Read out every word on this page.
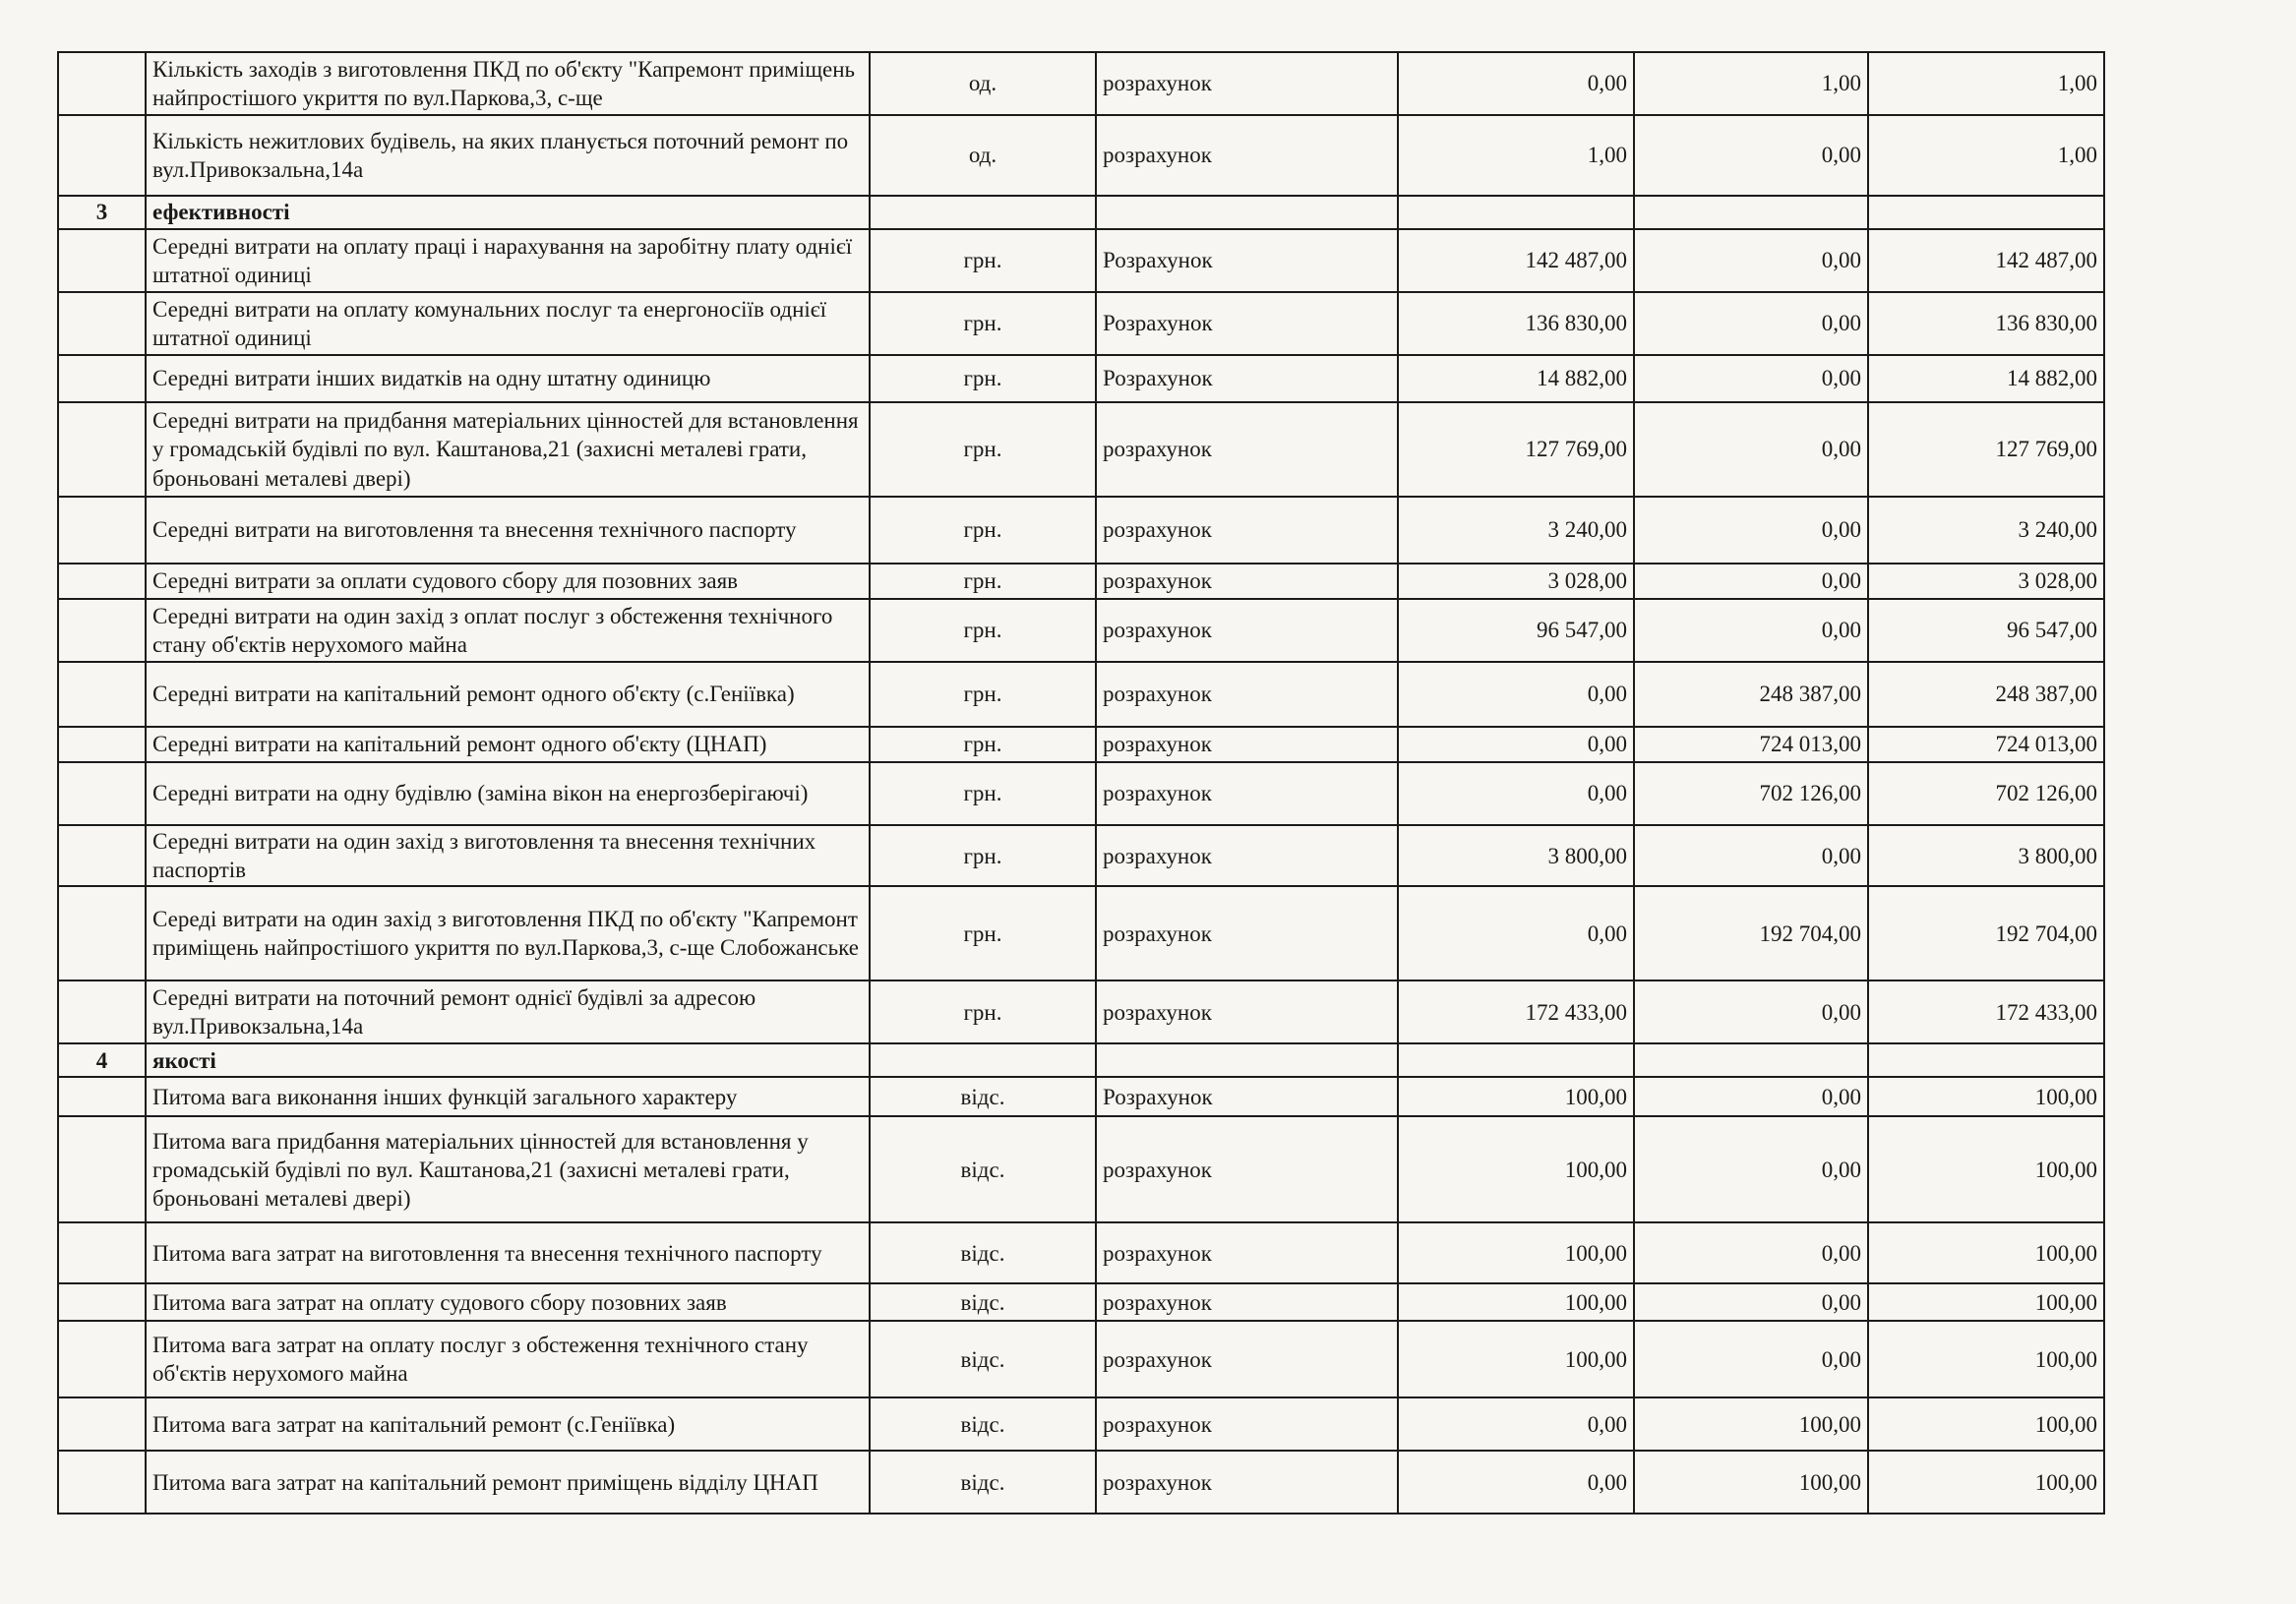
	Кількість заходів з виготовлення ПКД по об'єкту "Капремонт приміщень найпростішого укриття по вул.Паркова,3, с-ще	од.	розрахунок	0,00	1,00	1,00
	Кількість нежитлових будівель, на яких планується поточний ремонт по вул.Привокзальна,14а	од.	розрахунок	1,00	0,00	1,00
3	ефективності					
	Середні витрати на оплату праці і нарахування на заробітну плату однієї штатної одиниці	грн.	Розрахунок	142 487,00	0,00	142 487,00
	Середні витрати на оплату комунальних послуг та енергоносіїв однієї штатної одиниці	грн.	Розрахунок	136 830,00	0,00	136 830,00
	Середні витрати інших видатків на одну штатну одиницю	грн.	Розрахунок	14 882,00	0,00	14 882,00
	Середні витрати на придбання матеріальних цінностей для встановлення у громадській будівлі по вул. Каштанова,21 (захисні металеві грати, броньовані металеві двері)	грн.	розрахунок	127 769,00	0,00	127 769,00
	Середні витрати на виготовлення та внесення технічного паспорту	грн.	розрахунок	3 240,00	0,00	3 240,00
	Середні витрати за оплати судового сбору для позовних заяв	грн.	розрахунок	3 028,00	0,00	3 028,00
	Середні витрати на один захід з оплат послуг з обстеження технічного стану об'єктів нерухомого майна	грн.	розрахунок	96 547,00	0,00	96 547,00
	Середні витрати на капітальний ремонт одного об'єкту (с.Геніївка)	грн.	розрахунок	0,00	248 387,00	248 387,00
	Середні витрати на капітальний ремонт одного об'єкту (ЦНАП)	грн.	розрахунок	0,00	724 013,00	724 013,00
	Середні витрати на одну будівлю (заміна вікон на енергозберігаючі)	грн.	розрахунок	0,00	702 126,00	702 126,00
	Середні витрати на один захід з виготовлення та внесення технічних паспортів	грн.	розрахунок	3 800,00	0,00	3 800,00
	Середі витрати на один захід з виготовлення ПКД по об'єкту "Капремонт приміщень найпростішого укриття по вул.Паркова,3, с-ще Слобожанське	грн.	розрахунок	0,00	192 704,00	192 704,00
	Середні витрати на поточний ремонт однієї будівлі за адресою вул.Привокзальна,14а	грн.	розрахунок	172 433,00	0,00	172 433,00
4	якості					
	Питома вага виконання інших функцій загального характеру	відс.	Розрахунок	100,00	0,00	100,00
	Питома вага придбання матеріальних цінностей для встановлення у громадській будівлі по вул. Каштанова,21 (захисні металеві грати, броньовані металеві двері)	відс.	розрахунок	100,00	0,00	100,00
	Питома вага затрат на виготовлення та внесення технічного паспорту	відс.	розрахунок	100,00	0,00	100,00
	Питома вага затрат на оплату судового сбору позовних заяв	відс.	розрахунок	100,00	0,00	100,00
	Питома вага затрат на оплату послуг з обстеження технічного стану об'єктів нерухомого майна	відс.	розрахунок	100,00	0,00	100,00
	Питома вага затрат на капітальний ремонт (с.Геніївка)	відс.	розрахунок	0,00	100,00	100,00
	Питома вага затрат на капітальний ремонт приміщень відділу ЦНАП	відс.	розрахунок	0,00	100,00	100,00
